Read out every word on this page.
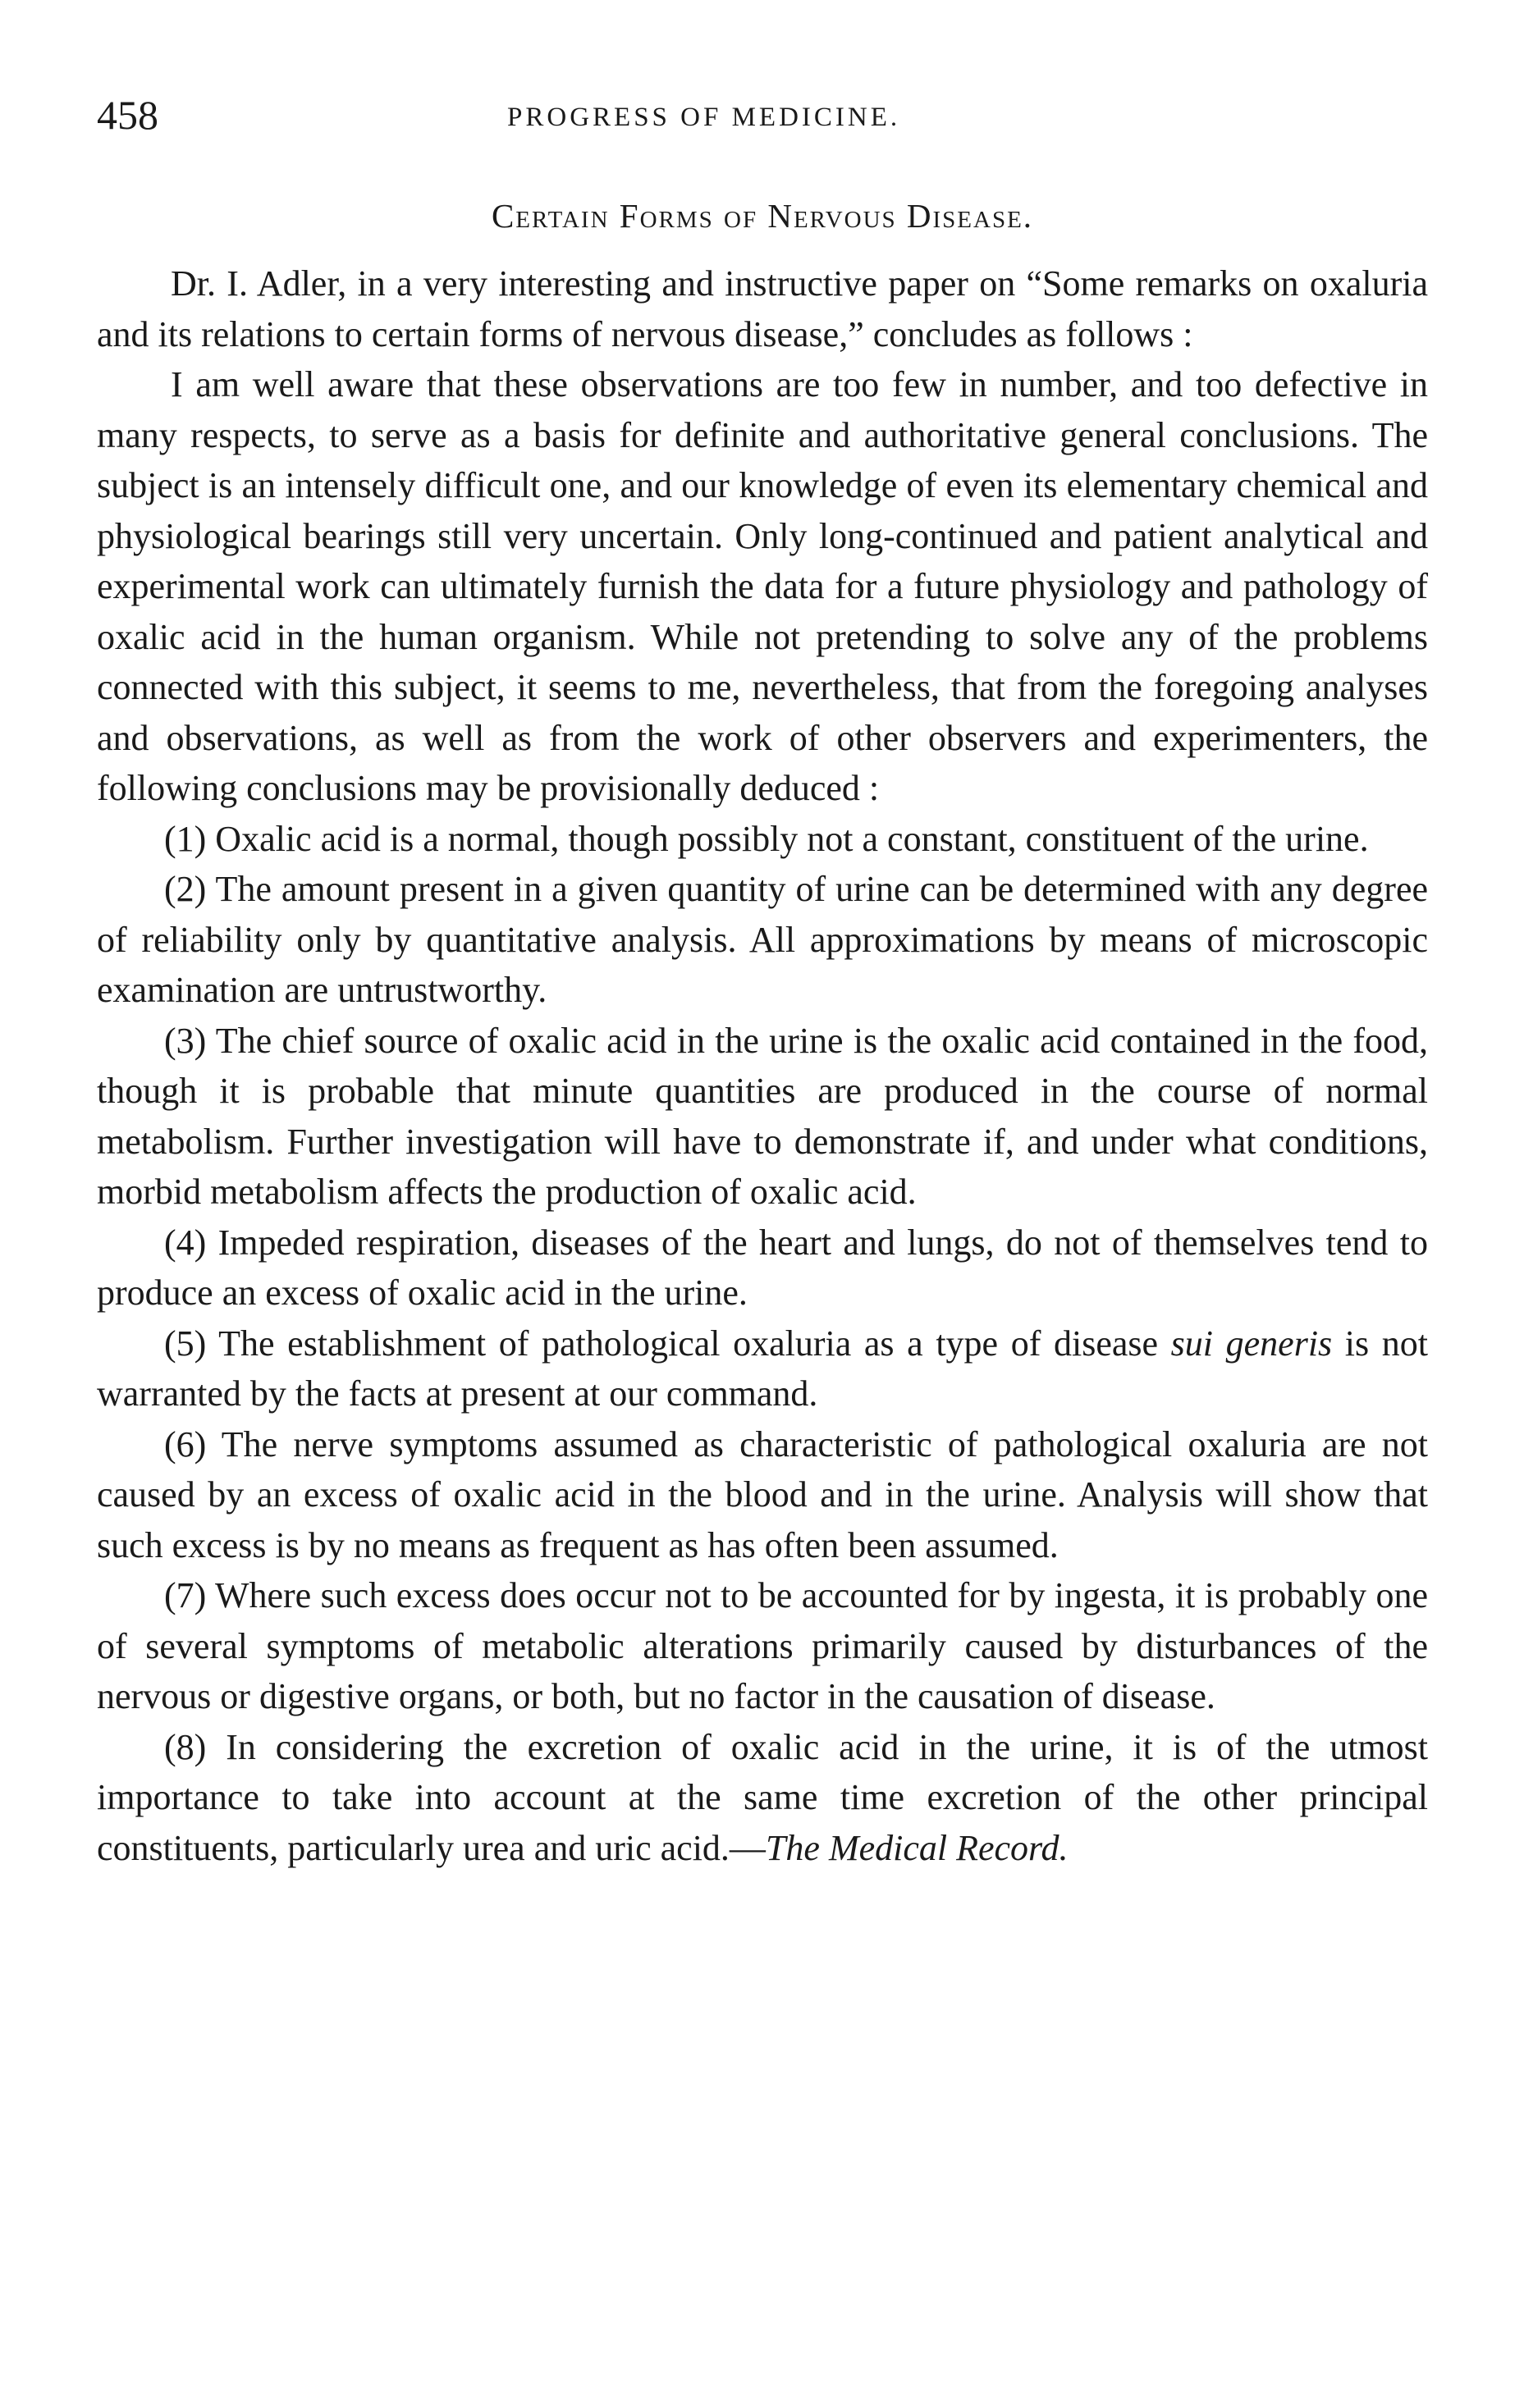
458	PROGRESS OF MEDICINE.
Certain Forms of Nervous Disease.

Dr. I. Adler, in a very interesting and instructive paper on “Some remarks on oxaluria and its relations to certain forms of nervous disease,” concludes as follows :

I am well aware that these observations are too few in number, and too defective in many respects, to serve as a basis for definite and authoritative general conclusions. The subject is an intensely difficult one, and our knowledge of even its elementary chemical and physiological bearings still very uncertain. Only long-continued and patient analytical and experimental work can ultimately furnish the data for a future physiology and pathology of oxalic acid in the human organism. While not pretending to solve any of the problems connected with this subject, it seems to me, nevertheless, that from the foregoing analyses and observations, as well as from the work of other observers and experimenters, the following conclusions may be provisionally deduced :

(1) Oxalic acid is a normal, though possibly not a constant, constituent of the urine.

(2) The amount present in a given quantity of urine can be determined with any degree of reliability only by quantitative analysis. All approximations by means of microscopic examination are untrustworthy.

(3) The chief source of oxalic acid in the urine is the oxalic acid contained in the food, though it is probable that minute quantities are produced in the course of normal metabolism. Further investigation will have to demonstrate if, and under what conditions, morbid metabolism affects the production of oxalic acid.

(4) Impeded respiration, diseases of the heart and lungs, do not of themselves tend to produce an excess of oxalic acid in the urine.

(5) The establishment of pathological oxaluria as a type of disease sui generis is not warranted by the facts at present at our command.

(6) The nerve symptoms assumed as characteristic of pathological oxaluria are not caused by an excess of oxalic acid in the blood and in the urine. Analysis will show that such excess is by no means as frequent as has often been assumed.

(7) Where such excess does occur not to be accounted for by ingesta, it is probably one of several symptoms of metabolic alterations primarily caused by disturbances of the nervous or digestive organs, or both, but no factor in the causation of disease.

(8) In considering the excretion of oxalic acid in the urine, it is of the utmost importance to take into account at the same time excretion of the other principal constituents, particularly urea and uric acid.—The Medical Record.
